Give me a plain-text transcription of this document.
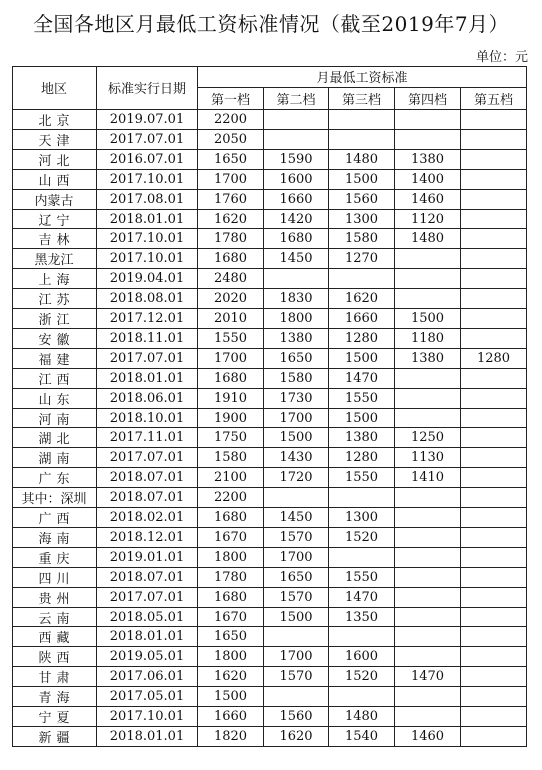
全国各地区月最低工资标准情况（截至2019年7月）
单位：元
地区	标准实行日期
月最低工资标准
第一档	第二档	第三档	第四档	第五档
北京	2019.07.01	2200
天津	2017.07.01	2050
河北	2016.07.01	1650	1590	1480	1380
山西	2017.10.01	1700	1600	1500	1400
内蒙古	2017.08.01	1760	1660	1560	1460
辽宁	2018.01.01	1620	1420	1300	1120
吉林	2017.10.01	1780	1680	1580	1480
黑龙江	2017.10.01	1680	1450	1270
上海	2019.04.01	2480
江苏	2018.08.01	2020	1830	1620
浙江	2017.12.01	2010	1800	1660	1500
安徽	2018.11.01	1550	1380	1280	1180
福建	2017.07.01	1700	1650	1500	1380	1280
江西	2018.01.01	1680	1580	1470
山东	2018.06.01	1910	1730	1550
河南	2018.10.01	1900	1700	1500
湖北	2017.11.01	1750	1500	1380	1250
湖南	2017.07.01	1580	1430	1280	1130
广东	2018.07.01	2100	1720	1550	1410
其中：深圳	2018.07.01	2200
广西	2018.02.01	1680	1450	1300
海南	2018.12.01	1670	1570	1520
重庆	2019.01.01	1800	1700
四川	2018.07.01	1780	1650	1550
贵州	2017.07.01	1680	1570	1470
云南	2018.05.01	1670	1500	1350
西藏	2018.01.01	1650
陕西	2019.05.01	1800	1700	1600
甘肃	2017.06.01	1620	1570	1520	1470
青海	2017.05.01	1500
宁夏	2017.10.01	1660	1560	1480
新疆	2018.01.01	1820	1620	1540	1460
